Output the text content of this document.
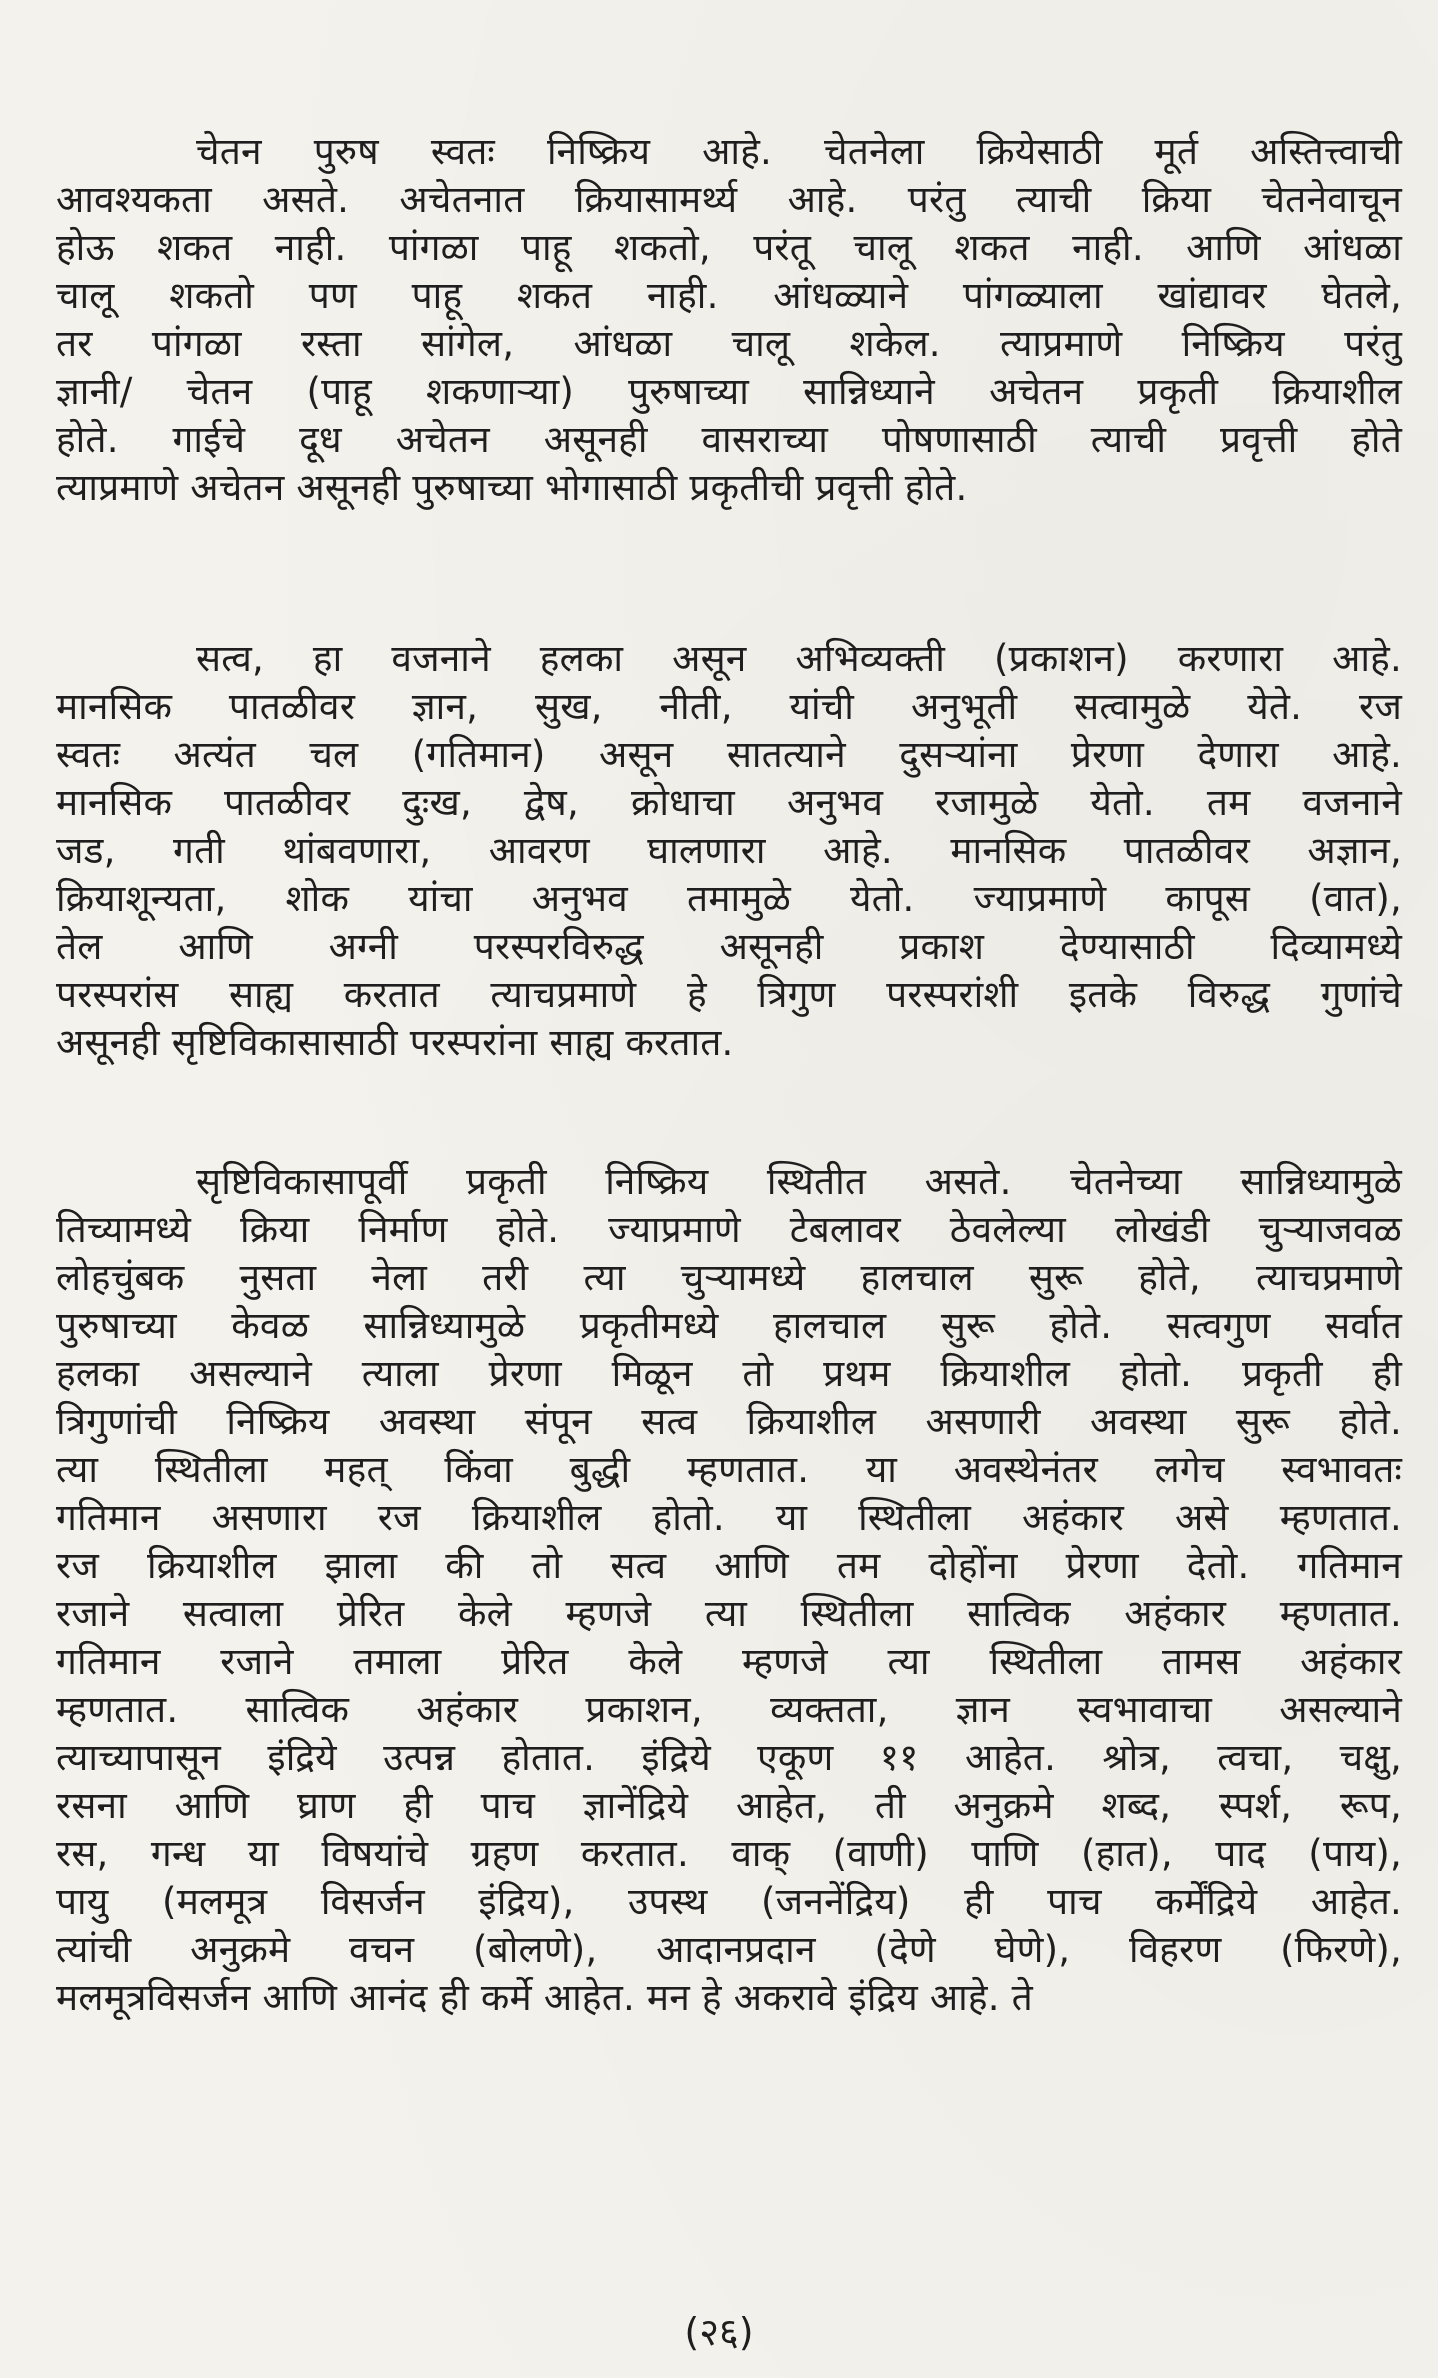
चेतन पुरुष स्वतः निष्क्रिय आहे. चेतनेला क्रियेसाठी मूर्त अस्तित्त्वाची
आवश्यकता असते. अचेतनात क्रियासामर्थ्य आहे. परंतु त्याची क्रिया चेतनेवाचून
होऊ शकत नाही. पांगळा पाहू शकतो, परंतू चालू शकत नाही. आणि आंधळा
चालू शकतो पण पाहू शकत नाही. आंधळ्याने पांगळ्याला खांद्यावर घेतले,
तर पांगळा रस्ता सांगेल, आंधळा चालू शकेल. त्याप्रमाणे निष्क्रिय परंतु
ज्ञानी/ चेतन (पाहू शकणाऱ्या) पुरुषाच्या सान्निध्याने अचेतन प्रकृती क्रियाशील
होते. गाईचे दूध अचेतन असूनही वासराच्या पोषणासाठी त्याची प्रवृत्ती होते
त्याप्रमाणे अचेतन असूनही पुरुषाच्या भोगासाठी प्रकृतीची प्रवृत्ती होते.
सत्व, हा वजनाने हलका असून अभिव्यक्ती (प्रकाशन) करणारा आहे.
मानसिक पातळीवर ज्ञान, सुख, नीती, यांची अनुभूती सत्वामुळे येते. रज
स्वतः अत्यंत चल (गतिमान) असून सातत्याने दुसऱ्यांना प्रेरणा देणारा आहे.
मानसिक पातळीवर दुःख, द्वेष, क्रोधाचा अनुभव रजामुळे येतो. तम वजनाने
जड, गती थांबवणारा, आवरण घालणारा आहे. मानसिक पातळीवर अज्ञान,
क्रियाशून्यता, शोक यांचा अनुभव तमामुळे येतो. ज्याप्रमाणे कापूस (वात),
तेल आणि अग्नी परस्परविरुद्ध असूनही प्रकाश देण्यासाठी दिव्यामध्ये
परस्परांस साह्य करतात त्याचप्रमाणे हे त्रिगुण परस्परांशी इतके विरुद्ध गुणांचे
असूनही सृष्टिविकासासाठी परस्परांना साह्य करतात.
सृष्टिविकासापूर्वी प्रकृती निष्क्रिय स्थितीत असते. चेतनेच्या सान्निध्यामुळे
तिच्यामध्ये क्रिया निर्माण होते. ज्याप्रमाणे टेबलावर ठेवलेल्या लोखंडी चुऱ्याजवळ
लोहचुंबक नुसता नेला तरी त्या चुऱ्यामध्ये हालचाल सुरू होते, त्याचप्रमाणे
पुरुषाच्या केवळ सान्निध्यामुळे प्रकृतीमध्ये हालचाल सुरू होते. सत्वगुण सर्वात
हलका असल्याने त्याला प्रेरणा मिळून तो प्रथम क्रियाशील होतो. प्रकृती ही
त्रिगुणांची निष्क्रिय अवस्था संपून सत्व क्रियाशील असणारी अवस्था सुरू होते.
त्या स्थितीला महत् किंवा बुद्धी म्हणतात. या अवस्थेनंतर लगेच स्वभावतः
गतिमान असणारा रज क्रियाशील होतो. या स्थितीला अहंकार असे म्हणतात.
रज क्रियाशील झाला की तो सत्व आणि तम दोहोंना प्रेरणा देतो. गतिमान
रजाने सत्वाला प्रेरित केले म्हणजे त्या स्थितीला सात्विक अहंकार म्हणतात.
गतिमान रजाने तमाला प्रेरित केले म्हणजे त्या स्थितीला तामस अहंकार
म्हणतात. सात्विक अहंकार प्रकाशन, व्यक्तता, ज्ञान स्वभावाचा असल्याने
त्याच्यापासून इंद्रिये उत्पन्न होतात. इंद्रिये एकूण ११ आहेत. श्रोत्र, त्वचा, चक्षु,
रसना आणि घ्राण ही पाच ज्ञानेंद्रिये आहेत, ती अनुक्रमे शब्द, स्पर्श, रूप,
रस, गन्ध या विषयांचे ग्रहण करतात. वाक् (वाणी) पाणि (हात), पाद (पाय),
पायु (मलमूत्र विसर्जन इंद्रिय), उपस्थ (जननेंद्रिय) ही पाच कर्मेंद्रिये आहेत.
त्यांची अनुक्रमे वचन (बोलणे), आदानप्रदान (देणे घेणे), विहरण (फिरणे),
मलमूत्रविसर्जन आणि आनंद ही कर्मे आहेत. मन हे अकरावे इंद्रिय आहे. ते
(२६)
